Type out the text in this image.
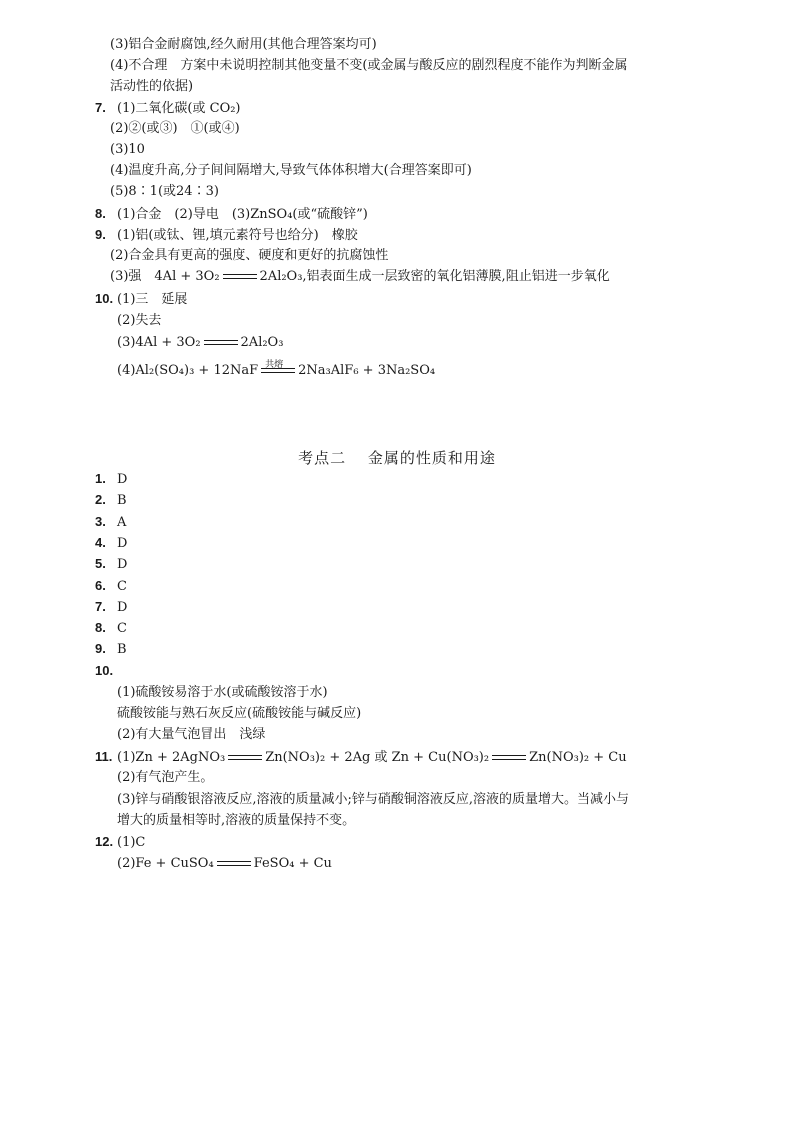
(3)铝合金耐腐蚀,经久耐用(其他合理答案均可)
(4)不合理　方案中未说明控制其他变量不变(或金属与酸反应的剧烈程度不能作为判断金属
活动性的依据)
7. (1)二氧化碳(或 CO₂)
(2)②(或③)　①(或④)
(3)10
(4)温度升高,分子间间隔增大,导致气体体积增大(合理答案即可)
(5)8∶1(或24∶3)
8. (1)合金　(2)导电　(3)ZnSO₄(或“硫酸锌”)
9. (1)铝(或钛、锂,填元素符号也给分)　橡胶
(2)合金具有更高的强度、硬度和更好的抗腐蚀性
(3)强　4Al + 3O₂	2Al₂O₃,铝表面生成一层致密的氧化铝薄膜,阻止铝进一步氧化
10. (1)三　延展
(2)失去
(3)4Al + 3O₂	2Al₂O₃
(4)Al₂(SO₄)₃ + 12NaF 共熔 2Na₃AlF₆ + 3Na₂SO₄
考点二　 金属的性质和用途
1. D
2. B
3. A
4. D
5. D
6. C
7. D
8. C
9. B
10.
(1)硫酸铵易溶于水(或硫酸铵溶于水)
硫酸铵能与熟石灰反应(硫酸铵能与碱反应)
(2)有大量气泡冒出　浅绿
11. (1)Zn + 2AgNO₃	Zn(NO₃)₂ + 2Ag 或 Zn + Cu(NO₃)₂	Zn(NO₃)₂ + Cu
(2)有气泡产生。
(3)锌与硝酸银溶液反应,溶液的质量减小;锌与硝酸铜溶液反应,溶液的质量增大。当减小与
增大的质量相等时,溶液的质量保持不变。
12. (1)C
(2)Fe + CuSO₄	FeSO₄ + Cu
